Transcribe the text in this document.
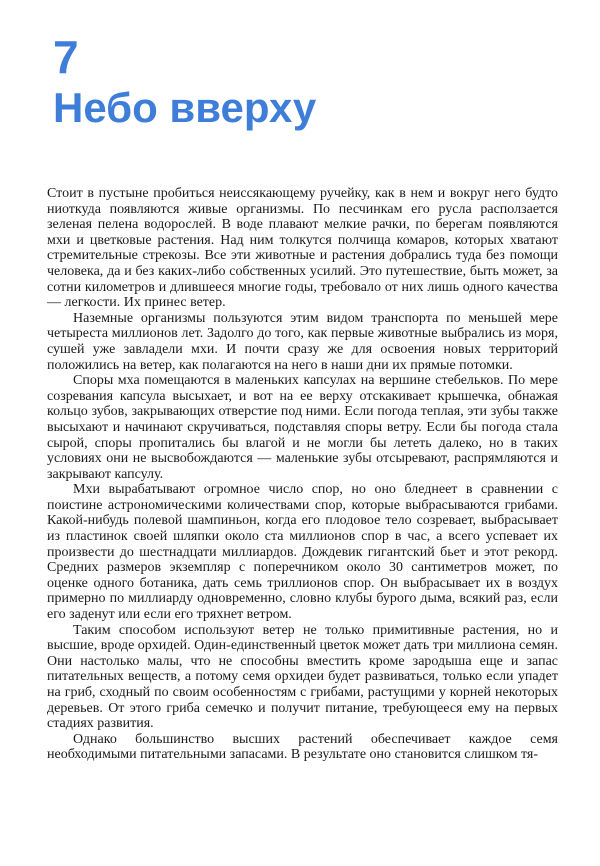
7
Небо вверху

Стоит в пустыне пробиться неиссякающему ручейку, как в нем и вокруг него будто ниоткуда появляются живые организмы. По песчинкам его русла расползается зеленая пелена водорослей. В воде плавают мелкие рачки, по берегам появляются мхи и цветковые растения. Над ним толкутся полчища комаров, которых хватают стремительные стрекозы. Все эти животные и растения добрались туда без помощи человека, да и без каких-либо собственных усилий. Это путешествие, быть может, за сотни километров и длившееся многие годы, требовало от них лишь одного качества — легкости. Их принес ветер.

Наземные организмы пользуются этим видом транспорта по меньшей мере четыреста миллионов лет. Задолго до того, как первые животные выбрались из моря, сушей уже завладели мхи. И почти сразу же для освоения новых территорий положились на ветер, как полагаются на него в наши дни их прямые потомки.

Споры мха помещаются в маленьких капсулах на вершине стебельков. По мере созревания капсула высыхает, и вот на ее верху отскакивает крышечка, обнажая кольцо зубов, закрывающих отверстие под ними. Если погода теплая, эти зубы также высыхают и начинают скручиваться, подставляя споры ветру. Если бы погода стала сырой, споры пропитались бы влагой и не могли бы лететь далеко, но в таких условиях они не высвобождаются — маленькие зубы отсыревают, распрямляются и закрывают капсулу.

Мхи вырабатывают огромное число спор, но оно бледнеет в сравнении с поистине астрономическими количествами спор, которые выбрасываются грибами. Какой-нибудь полевой шампиньон, когда его плодовое тело созревает, выбрасывает из пластинок своей шляпки около ста миллионов спор в час, а всего успевает их произвести до шестнадцати миллиардов. Дождевик гигантский бьет и этот рекорд. Средних размеров экземпляр с поперечником около 30 сантиметров может, по оценке одного ботаника, дать семь триллионов спор. Он выбрасывает их в воздух примерно по миллиарду одновременно, словно клубы бурого дыма, всякий раз, если его заденут или если его тряхнет ветром.

Таким способом используют ветер не только примитивные растения, но и высшие, вроде орхидей. Один-единственный цветок может дать три миллиона семян. Они настолько малы, что не способны вместить кроме зародыша еще и запас питательных веществ, а потому семя орхидеи будет развиваться, только если упадет на гриб, сходный по своим особенностям с грибами, растущими у корней некоторых деревьев. От этого гриба семечко и получит питание, требующееся ему на первых стадиях развития.

Однако большинство высших растений обеспечивает каждое семя необходимыми питательными запасами. В результате оно становится слишком тя-
